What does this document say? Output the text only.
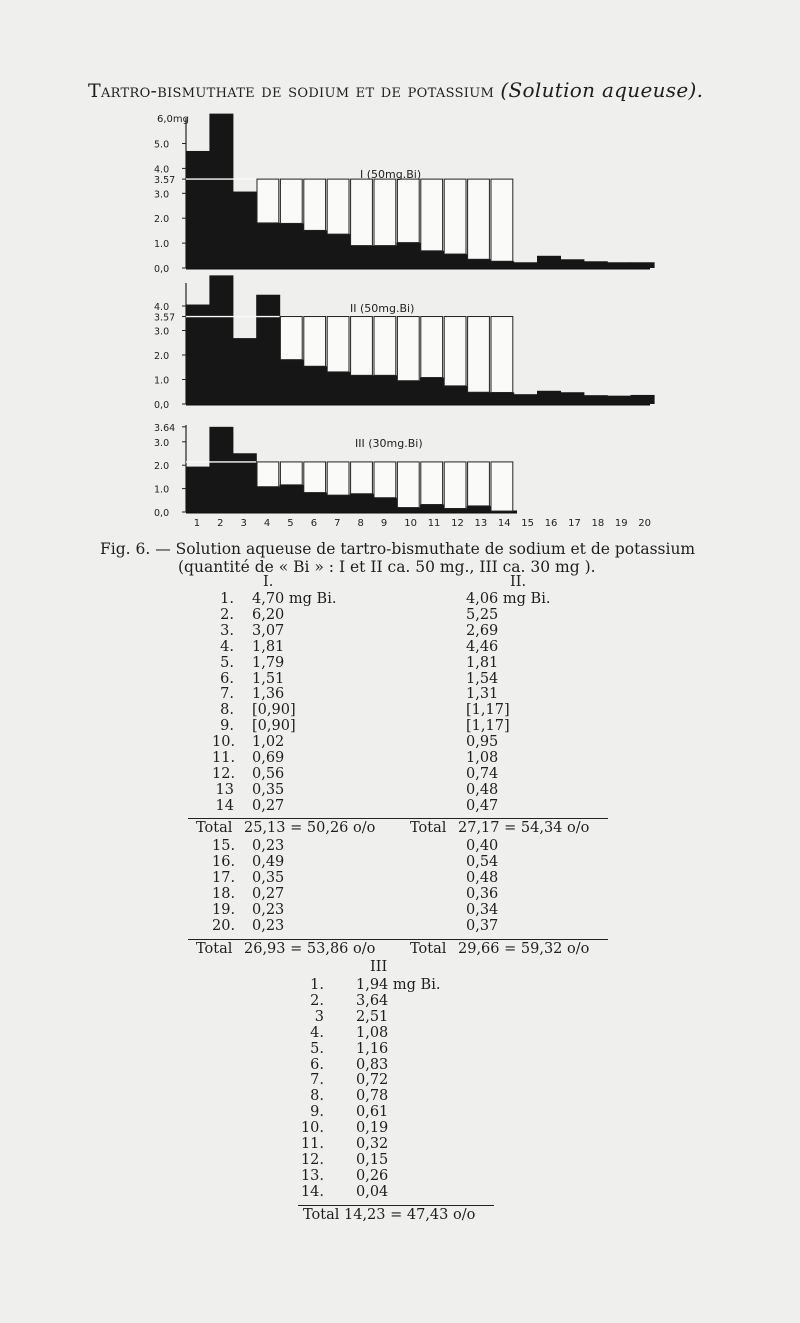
Tartro-bismuthate de sodium et de potassium (Solution aqueuse).
0,0
1.0
2.0
3.0
3.57
4.0
5.0
6,0mg
I (50mg.Bi)
0,0
1.0
2.0
3.0
3.57
4.0	II (50mg.Bi)
0,0
1.0
2.0
3.0
3.64
III (30mg.Bi)
1 2 3 4 5 6 7 8 9 10 11 12 13 14 15 16 17 18 19 20
Fig. 6. — Solution aqueuse de tartro-bismuthate de sodium et de potassium
(quantité de « Bi » : I et II ca. 50 mg., III ca. 30 mg ).
I.	II.
1. 4,70 mg Bi.	4,06 mg Bi.
2. 6,20	5,25
3. 3,07	2,69
4. 1,81	4,46
5. 1,79	1,81
6. 1,51	1,54
7. 1,36	1,31
8. [0,90]	[1,17]
9. [0,90]	[1,17]
10. 1,02	0,95
11. 0,69	1,08
12. 0,56	0,74
13 0,35	0,48
14 0,27	0,47
Total 25,13 = 50,26 o/o Total 27,17 = 54,34 o/o
15. 0,23	0,40
16. 0,49	0,54
17. 0,35	0,48
18. 0,27	0,36
19. 0,23	0,34
20. 0,23	0,37
Total 26,93 = 53,86 o/o Total 29,66 = 59,32 o/o
III
1. 1,94 mg Bi.
2. 3,64
3 2,51
4. 1,08
5. 1,16
6. 0,83
7. 0,72
8. 0,78
9. 0,61
10. 0,19
11. 0,32
12. 0,15
13. 0,26
14. 0,04
Total 14,23 = 47,43 o/o
